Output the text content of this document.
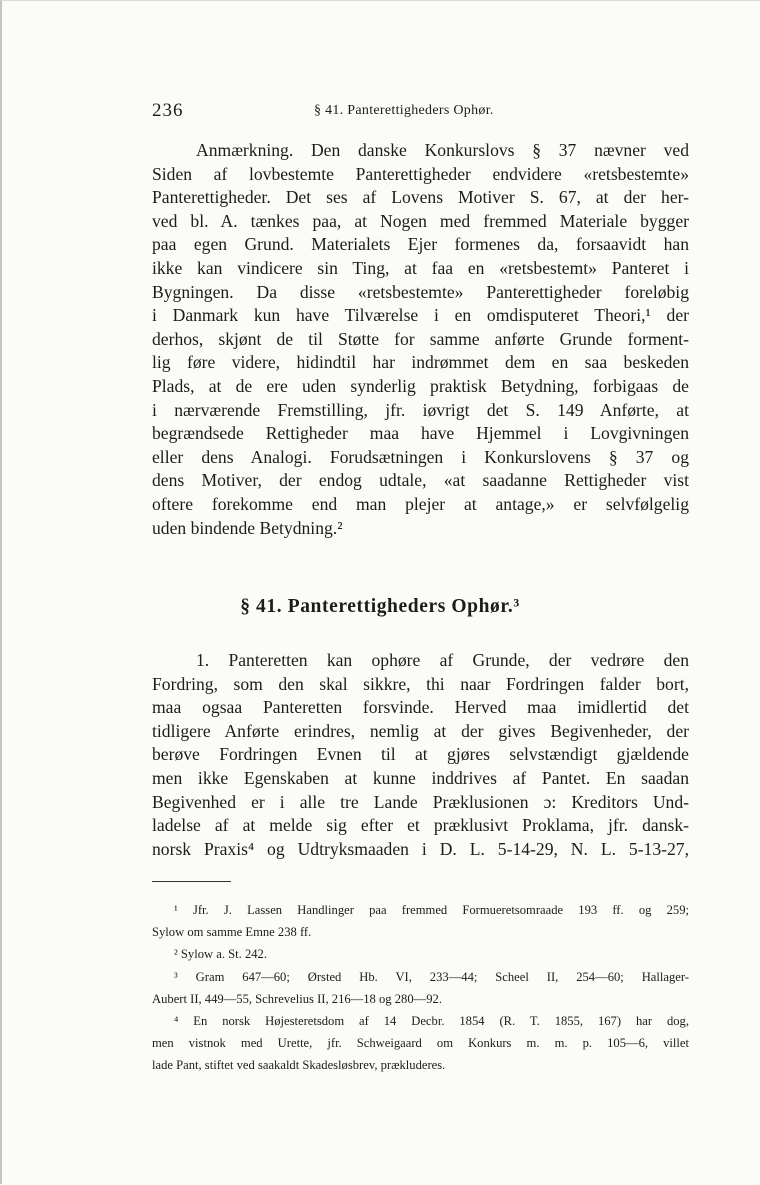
236	§ 41. Panterettigheders Ophør.
Anmærkning. Den danske Konkurslovs § 37 nævner ved
Siden af lovbestemte Panterettigheder endvidere «retsbestemte»
Panterettigheder. Det ses af Lovens Motiver S. 67, at der her-
ved bl. A. tænkes paa, at Nogen med fremmed Materiale bygger
paa egen Grund. Materialets Ejer formenes da, forsaavidt han
ikke kan vindicere sin Ting, at faa en «retsbestemt» Panteret i
Bygningen. Da disse «retsbestemte» Panterettigheder foreløbig
i Danmark kun have Tilværelse i en omdisputeret Theori,¹ der
derhos, skjønt de til Støtte for samme anførte Grunde forment-
lig føre videre, hidindtil har indrømmet dem en saa beskeden
Plads, at de ere uden synderlig praktisk Betydning, forbigaas de
i nærværende Fremstilling, jfr. iøvrigt det S. 149 Anførte, at
begrændsede Rettigheder maa have Hjemmel i Lovgivningen
eller dens Analogi. Forudsætningen i Konkurslovens § 37 og
dens Motiver, der endog udtale, «at saadanne Rettigheder vist
oftere forekomme end man plejer at antage,» er selvfølgelig
uden bindende Betydning.²
§ 41. Panterettigheders Ophør.³
1. Panteretten kan ophøre af Grunde, der vedrøre den
Fordring, som den skal sikkre, thi naar Fordringen falder bort,
maa ogsaa Panteretten forsvinde. Herved maa imidlertid det
tidligere Anførte erindres, nemlig at der gives Begivenheder, der
berøve Fordringen Evnen til at gjøres selvstændigt gjældende
men ikke Egenskaben at kunne inddrives af Pantet. En saadan
Begivenhed er i alle tre Lande Præklusionen ɔ: Kreditors Und-
ladelse af at melde sig efter et præklusivt Proklama, jfr. dansk-
norsk Praxis⁴ og Udtryksmaaden i D. L. 5-14-29, N. L. 5-13-27,
¹ Jfr. J. Lassen Handlinger paa fremmed Formueretsomraade 193 ff. og 259;
Sylow om samme Emne 238 ff.
² Sylow a. St. 242.
³ Gram 647—60; Ørsted Hb. VI, 233—44; Scheel II, 254—60; Hallager-
Aubert II, 449—55, Schrevelius II, 216—18 og 280—92.
⁴ En norsk Højesteretsdom af 14 Decbr. 1854 (R. T. 1855, 167) har dog,
men vistnok med Urette, jfr. Schweigaard om Konkurs m. m. p. 105—6, villet
lade Pant, stiftet ved saakaldt Skadesløsbrev, prækluderes.
